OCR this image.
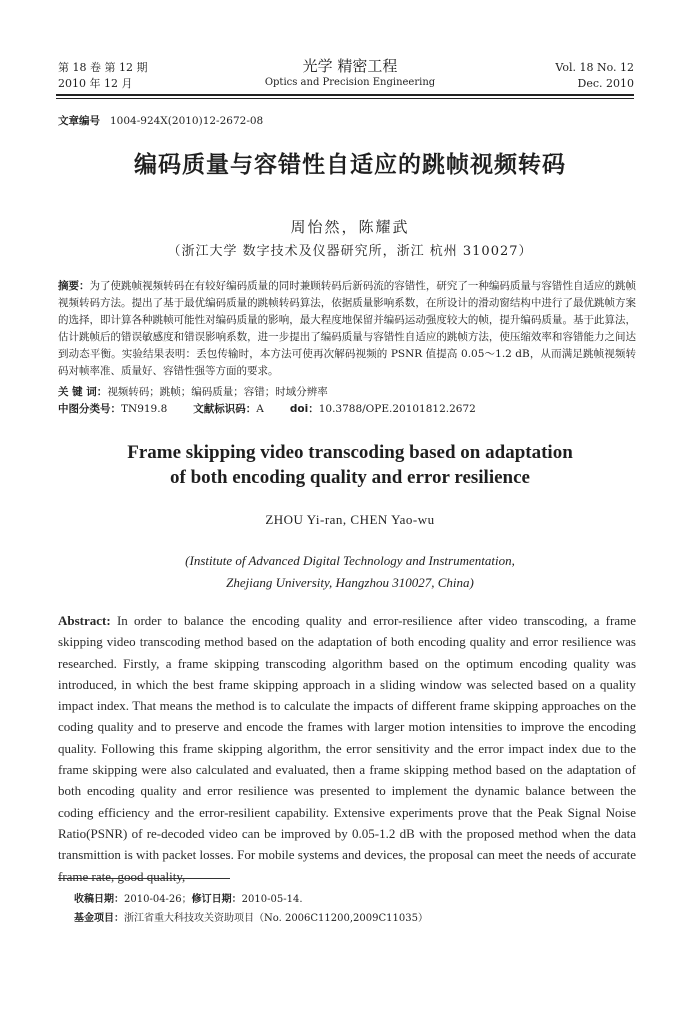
第 18 卷 第 12 期
2010 年 12 月
光学 精密工程
Optics and Precision Engineering
Vol. 18 No. 12
Dec. 2010
文章编号 1004-924X(2010)12-2672-08
编码质量与容错性自适应的跳帧视频转码
周怡然，陈耀武
（浙江大学 数字技术及仪器研究所，浙江 杭州 310027）
摘要：为了使跳帧视频转码在有较好编码质量的同时兼顾转码后新码流的容错性，研究了一种编码质量与容错性自适应的跳帧视频转码方法。提出了基于最优编码质量的跳帧转码算法，依据质量影响系数，在所设计的滑动窗结构中进行了最优跳帧方案的选择，即计算各种跳帧可能性对编码质量的影响，最大程度地保留并编码运动强度较大的帧，提升编码质量。基于此算法，估计跳帧后的错误敏感度和错误影响系数，进一步提出了编码质量与容错性自适应的跳帧方法，使压缩效率和容错能力之间达到动态平衡。实验结果表明：丢包传输时，本方法可使再次解码视频的 PSNR 值提高 0.05～1.2 dB，从而满足跳帧视频转码对帧率准、质量好、容错性强等方面的要求。
关 键 词：视频转码；跳帧；编码质量；容错；时域分辨率
中图分类号：TN919.8 文献标识码：A doi：10.3788/OPE.20101812.2672
Frame skipping video transcoding based on adaptation
of both encoding quality and error resilience
ZHOU Yi-ran, CHEN Yao-wu
(Institute of Advanced Digital Technology and Instrumentation,
Zhejiang University, Hangzhou 310027, China)
Abstract: In order to balance the encoding quality and error-resilience after video transcoding, a frame skipping video transcoding method based on the adaptation of both encoding quality and error resilience was researched. Firstly, a frame skipping transcoding algorithm based on the optimum encoding quality was introduced, in which the best frame skipping approach in a sliding window was selected based on a quality impact index. That means the method is to calculate the impacts of different frame skipping approaches on the coding quality and to preserve and encode the frames with larger motion intensities to improve the encoding quality. Following this frame skipping algorithm, the error sensitivity and the error impact index due to the frame skipping were also calculated and evaluated, then a frame skipping method based on the adaptation of both encoding quality and error resilience was presented to implement the dynamic balance between the coding efficiency and the error-resilient capability. Extensive experiments prove that the Peak Signal Noise Ratio(PSNR) of re-decoded video can be improved by 0.05-1.2 dB with the proposed method when the data transmittion is with packet losses. For mobile systems and devices, the proposal can meet the needs of accurate frame rate, good quality,
收稿日期：2010-04-26；修订日期：2010-05-14.
基金项目：浙江省重大科技攻关资助项目（No. 2006C11200,2009C11035）
